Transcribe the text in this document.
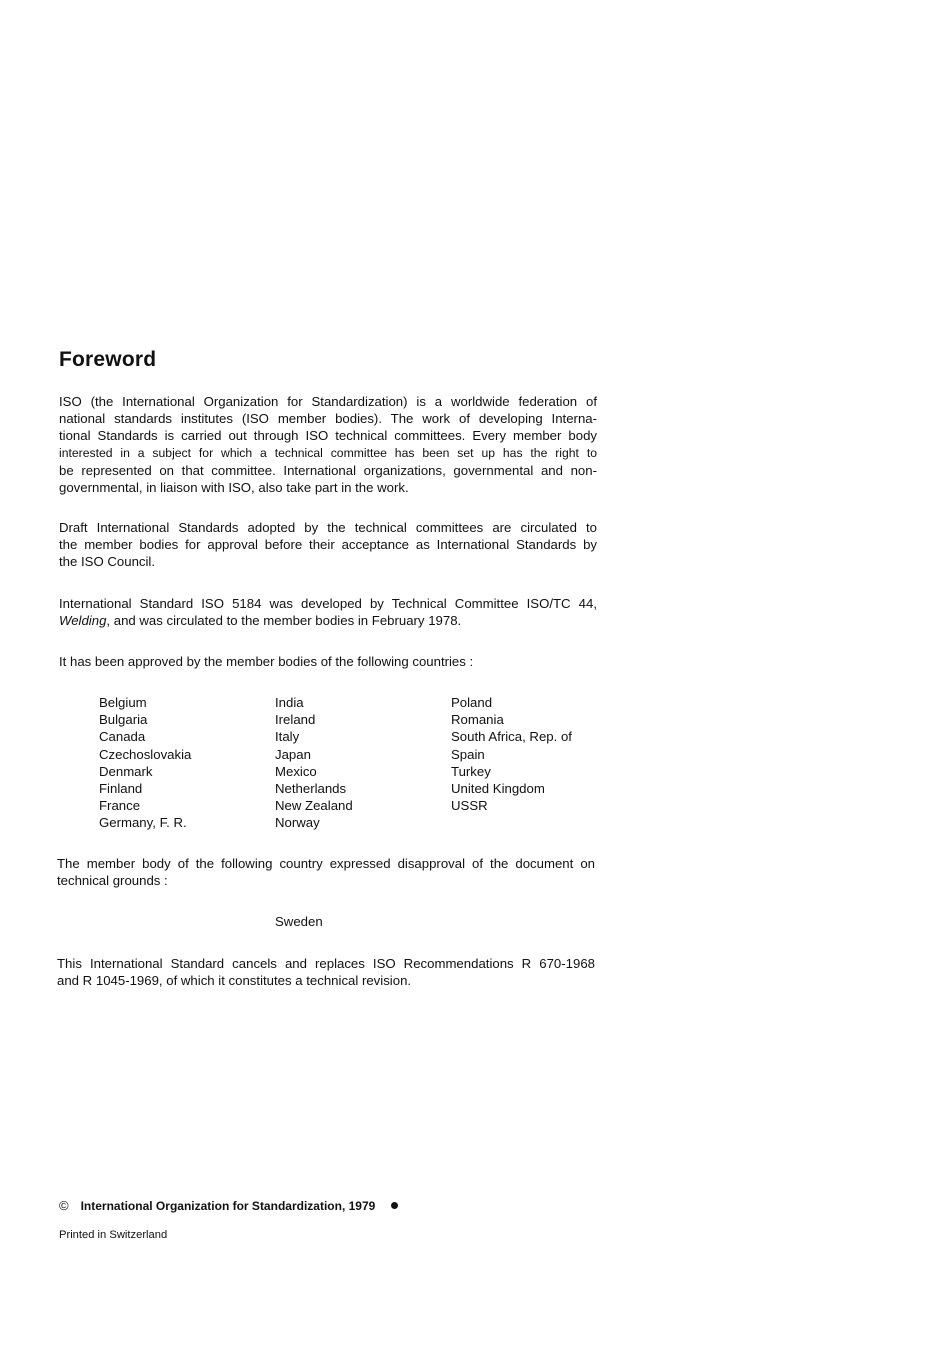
Foreword
ISO (the International Organization for Standardization) is a worldwide federation of
national standards institutes (ISO member bodies). The work of developing Interna-
tional Standards is carried out through ISO technical committees. Every member body
interested in a subject for which a technical committee has been set up has the right to
be represented on that committee. International organizations, governmental and non-
governmental, in liaison with ISO, also take part in the work.
Draft International Standards adopted by the technical committees are circulated to
the member bodies for approval before their acceptance as International Standards by
the ISO Council.
International Standard ISO 5184 was developed by Technical Committee ISO/TC 44,
Welding, and was circulated to the member bodies in February 1978.
It has been approved by the member bodies of the following countries :
Belgium
Bulgaria
Canada
Czechoslovakia
Denmark
Finland
France
Germany, F. R.
India
Ireland
Italy
Japan
Mexico
Netherlands
New Zealand
Norway
Poland
Romania
South Africa, Rep. of
Spain
Turkey
United Kingdom
USSR
The member body of the following country expressed disapproval of the document on
technical grounds :
Sweden
This International Standard cancels and replaces ISO Recommendations R 670-1968
and R 1045-1969, of which it constitutes a technical revision.
© International Organization for Standardization, 1979
Printed in Switzerland
